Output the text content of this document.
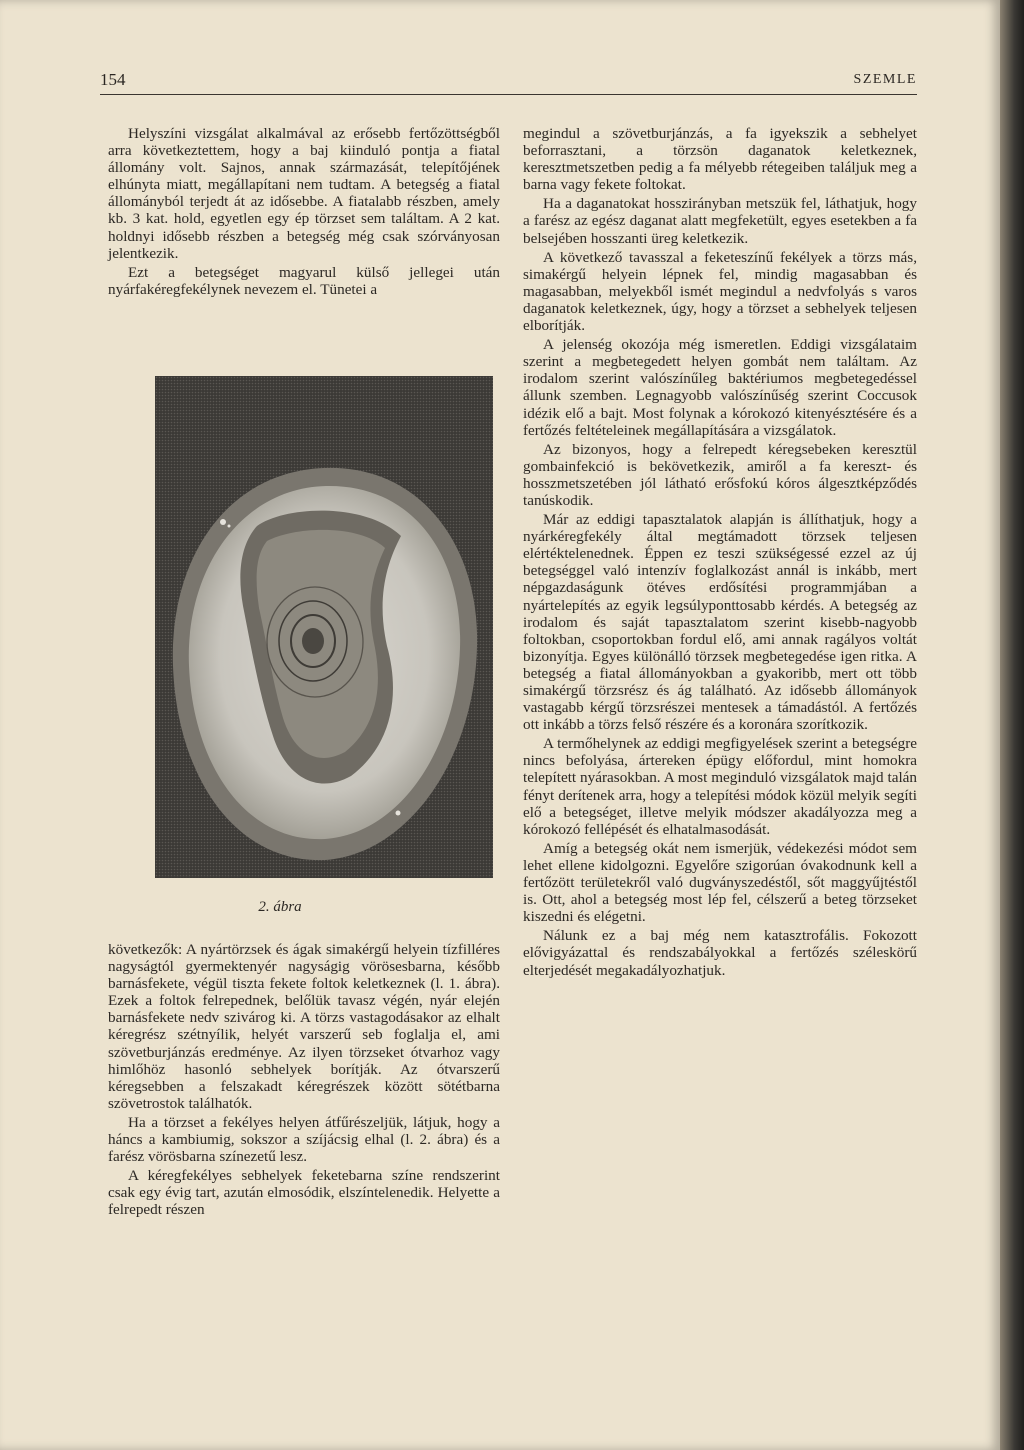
154	SZEMLE

Helyszíni vizsgálat alkalmával az erősebb fertőzöttségből arra következtettem, hogy a baj kiinduló pontja a fiatal állomány volt. Sajnos, annak származását, telepítőjének elhúnyta miatt, megállapítani nem tudtam. A betegség a fiatal állományból terjedt át az idősebbe. A fiatalabb részben, amely kb. 3 kat. hold, egyetlen egy ép törzset sem találtam. A 2 kat. holdnyi idősebb részben a betegség még csak szórványosan jelentkezik.

Ezt a betegséget magyarul külső jellegei után nyárfakéregfekélynek nevezem el. Tünetei a

2. ábra

következők: A nyártörzsek és ágak simakérgű helyein tízfilléres nagyságtól gyermektenyér nagyságig vörösesbarna, később barnásfekete, végül tiszta fekete foltok keletkeznek (l. 1. ábra). Ezek a foltok felrepednek, belőlük tavasz végén, nyár elején barnásfekete nedv szivárog ki. A törzs vastagodásakor az elhalt kéregrész szétnyílik, helyét varszerű seb foglalja el, ami szövetburjánzás eredménye. Az ilyen törzseket ótvarhoz vagy himlőhöz hasonló sebhelyek borítják. Az ótvarszerű kéregsebben a felszakadt kéregrészek között sötétbarna szövetrostok találhatók.

Ha a törzset a fekélyes helyen átfűrészeljük, látjuk, hogy a háncs a kambiumig, sokszor a szíjácsig elhal (l. 2. ábra) és a farész vörösbarna színezetű lesz.

A kéregfekélyes sebhelyek feketebarna színe rendszerint csak egy évig tart, azután elmosódik, elszíntelenedik. Helyette a felrepedt részen

megindul a szövetburjánzás, a fa igyekszik a sebhelyet beforrasztani, a törzsön daganatok keletkeznek, keresztmetszetben pedig a fa mélyebb rétegeiben találjuk meg a barna vagy fekete foltokat.

Ha a daganatokat hosszirányban metszük fel, láthatjuk, hogy a farész az egész daganat alatt megfeketült, egyes esetekben a fa belsejében hosszanti üreg keletkezik.

A következő tavasszal a feketeszínű fekélyek a törzs más, simakérgű helyein lépnek fel, mindig magasabban és magasabban, melyekből ismét megindul a nedvfolyás s varos daganatok keletkeznek, úgy, hogy a törzset a sebhelyek teljesen elborítják.

A jelenség okozója még ismeretlen. Eddigi vizsgálataim szerint a megbetegedett helyen gombát nem találtam. Az irodalom szerint valószínűleg baktériumos megbetegedéssel állunk szemben. Legnagyobb valószínűség szerint Coccusok idézik elő a bajt. Most folynak a kórokozó kitenyésztésére és a fertőzés feltételeinek megállapítására a vizsgálatok.

Az bizonyos, hogy a felrepedt kéregsebeken keresztül gombainfekció is bekövetkezik, amiről a fa kereszt- és hosszmetszetében jól látható erősfokú kóros álgesztképződés tanúskodik.

Már az eddigi tapasztalatok alapján is állíthatjuk, hogy a nyárkéregfekély által megtámadott törzsek teljesen elértéktelenednek. Éppen ez teszi szükségessé ezzel az új betegséggel való intenzív foglalkozást annál is inkább, mert népgazdaságunk ötéves erdősítési programmjában a nyártelepítés az egyik legsúlyponttosabb kérdés. A betegség az irodalom és saját tapasztalatom szerint kisebb-nagyobb foltokban, csoportokban fordul elő, ami annak ragályos voltát bizonyítja. Egyes különálló törzsek megbetegedése igen ritka. A betegség a fiatal állományokban a gyakoribb, mert ott több simakérgű törzsrész és ág található. Az idősebb állományok vastagabb kérgű törzsrészei mentesek a támadástól. A fertőzés ott inkább a törzs felső részére és a koronára szorítkozik.

A termőhelynek az eddigi megfigyelések szerint a betegségre nincs befolyása, ártereken épügy előfordul, mint homokra telepített nyárasokban. A most meginduló vizsgálatok majd talán fényt derítenek arra, hogy a telepítési módok közül melyik segíti elő a betegséget, illetve melyik módszer akadályozza meg a kórokozó fellépését és elhatalmasodását.

Amíg a betegség okát nem ismerjük, védekezési módot sem lehet ellene kidolgozni. Egyelőre szigorúan óvakodnunk kell a fertőzött területekről való dugványszedéstől, sőt maggyűjtéstől is. Ott, ahol a betegség most lép fel, célszerű a beteg törzseket kiszedni és elégetni.

Nálunk ez a baj még nem katasztrofális. Fokozott elővigyázattal és rendszabályokkal a fertőzés széleskörű elterjedését megakadályozhatjuk.
